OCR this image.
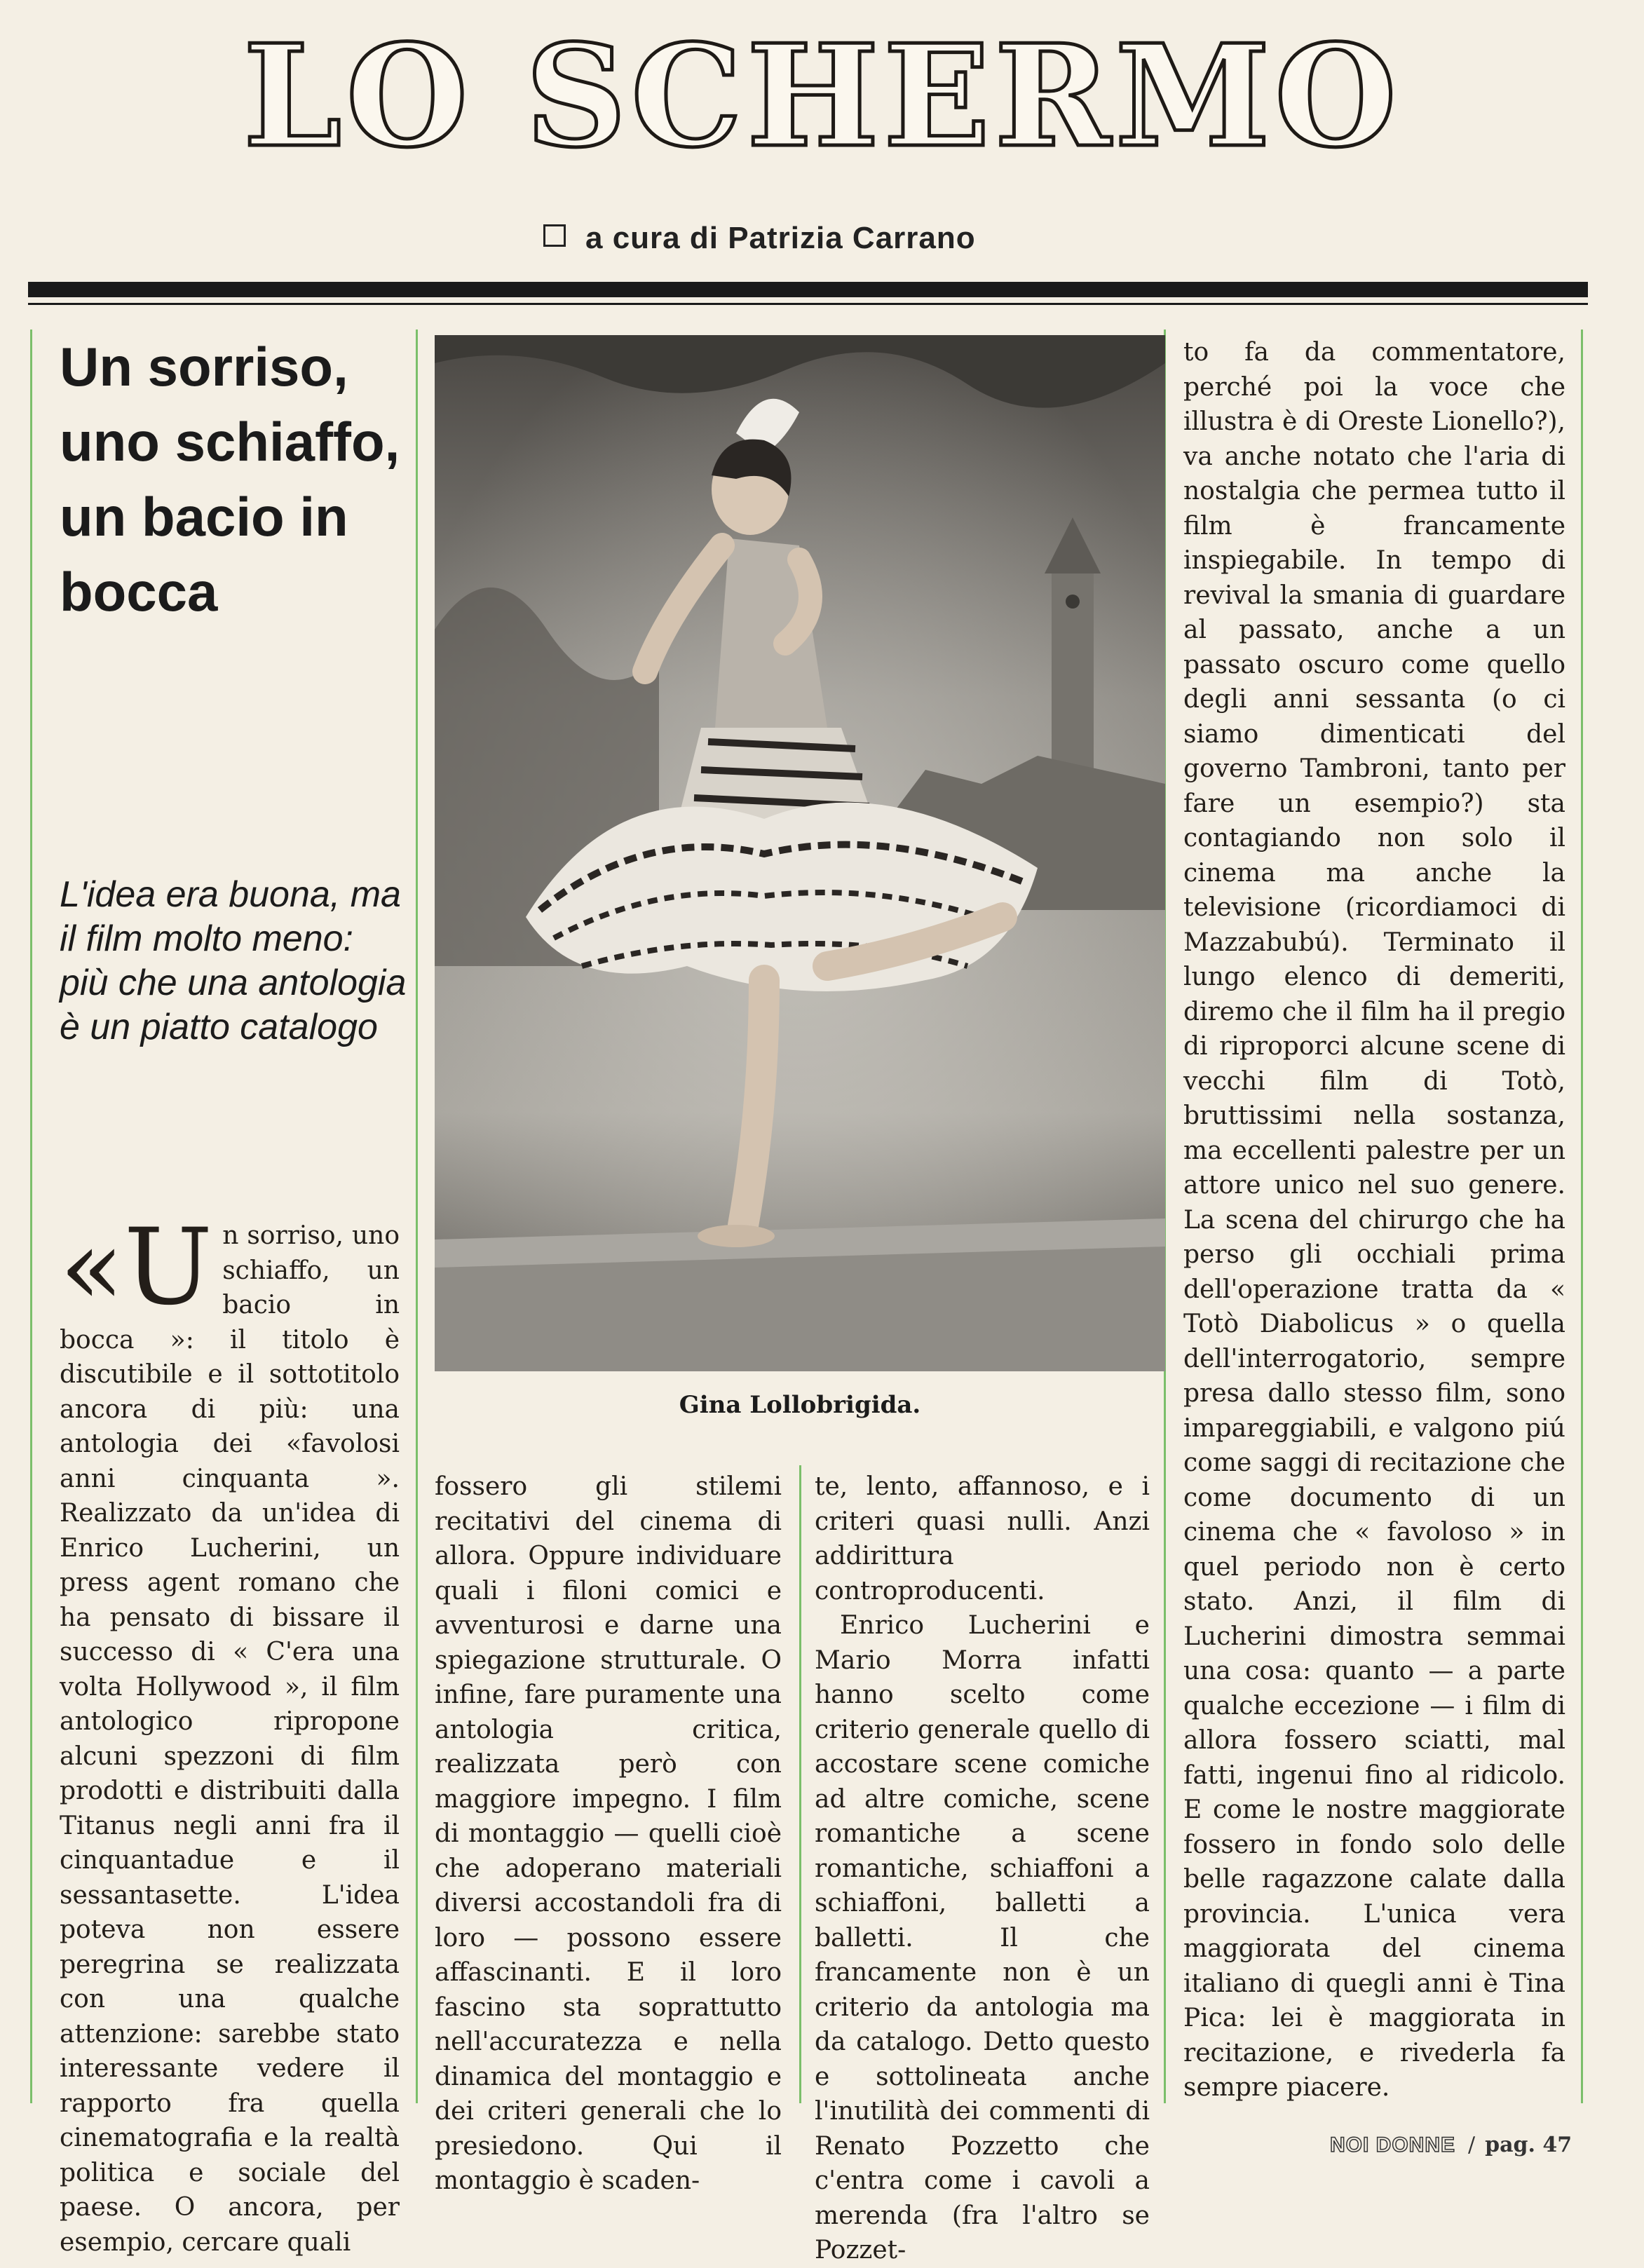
LO SCHERMO
a cura di Patrizia Carrano
Un sorriso, uno schiaffo, un bacio in bocca

L'idea era buona, ma il film molto meno: più che una antologia è un piatto catalogo

«Un sorriso, uno schiaffo, un bacio in bocca »: il titolo è discutibile e il sottotitolo ancora di più: una antologia dei «favolosi anni cinquanta ». Realizzato da un'idea di Enrico Lucherini, un press agent romano che ha pensato di bissare il successo di « C'era una volta Hollywood », il film antologico ripropone alcuni spezzoni di film prodotti e distribuiti dalla Titanus negli anni fra il cinquantadue e il sessantasette. L'idea poteva non essere peregrina se realizzata con una qualche attenzione: sarebbe stato interessante vedere il rapporto fra quella cinematografia e la realtà politica e sociale del paese. O ancora, per esempio, cercare quali
Gina Lollobrigida.
fossero gli stilemi recitativi del cinema di allora. Oppure individuare quali i filoni comici e avventurosi e darne una spiegazione strutturale. O infine, fare puramente una antologia critica, realizzata però con maggiore impegno. I film di montaggio — quelli cioè che adoperano materiali diversi accostandoli fra di loro — possono essere affascinanti. E il loro fascino sta soprattutto nell'accuratezza e nella dinamica del montaggio e dei criteri generali che lo presiedono. Qui il montaggio è scaden-

te, lento, affannoso, e i criteri quasi nulli. Anzi addirittura controproducenti.

Enrico Lucherini e Mario Morra infatti hanno scelto come criterio generale quello di accostare scene comiche ad altre comiche, scene romantiche a scene romantiche, schiaffoni a schiaffoni, balletti a balletti. Il che francamente non è un criterio da antologia ma da catalogo. Detto questo e sottolineata anche l'inutilità dei commenti di Renato Pozzetto che c'entra come i cavoli a merenda (fra l'altro se Pozzet-

to fa da commentatore, perché poi la voce che illustra è di Oreste Lionello?), va anche notato che l'aria di nostalgia che permea tutto il film è francamente inspiegabile. In tempo di revival la smania di guardare al passato, anche a un passato oscuro come quello degli anni sessanta (o ci siamo dimenticati del governo Tambroni, tanto per fare un esempio?) sta contagiando non solo il cinema ma anche la televisione (ricordiamoci di Mazzabubú). Terminato il lungo elenco di demeriti, diremo che il film ha il pregio di riproporci alcune scene di vecchi film di Totò, bruttissimi nella sostanza, ma eccellenti palestre per un attore unico nel suo genere. La scena del chirurgo che ha perso gli occhiali prima dell'operazione tratta da « Totò Diabolicus » o quella dell'interrogatorio, sempre presa dallo stesso film, sono impareggiabili, e valgono piú come saggi di recitazione che come documento di un cinema che « favoloso » in quel periodo non è certo stato. Anzi, il film di Lucherini dimostra semmai una cosa: quanto — a parte qualche eccezione — i film di allora fossero sciatti, mal fatti, ingenui fino al ridicolo. E come le nostre maggiorate fossero in fondo solo delle belle ragazzone calate dalla provincia. L'unica vera maggiorata del cinema italiano di quegli anni è Tina Pica: lei è maggiorata in recitazione, e rivederla fa sempre piacere.
NOI DONNE / pag. 47
